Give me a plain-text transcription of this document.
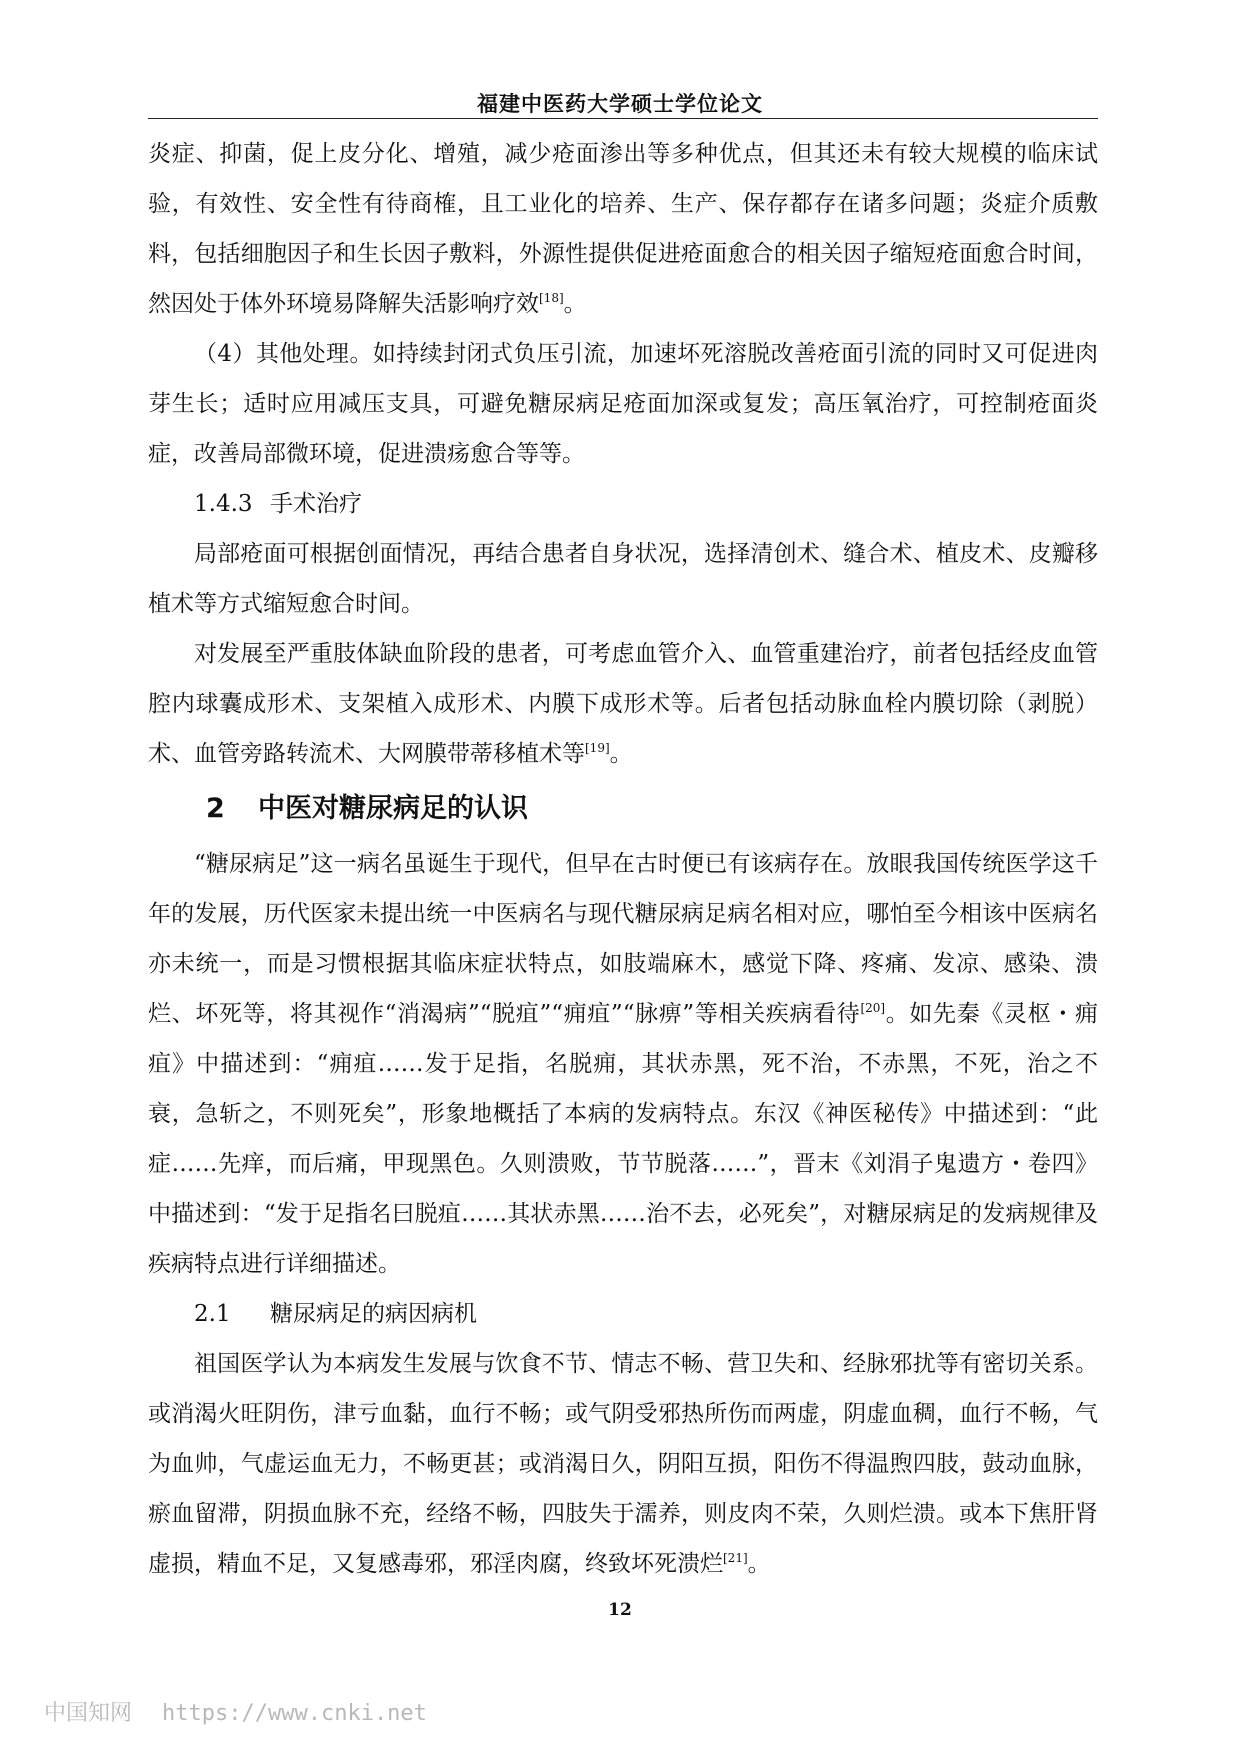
福建中医药大学硕士学位论文

炎症、抑菌，促上皮分化、增殖，减少疮面渗出等多种优点，但其还未有较大规模的临床试验，有效性、安全性有待商榷，且工业化的培养、生产、保存都存在诸多问题；炎症介质敷料，包括细胞因子和生长因子敷料，外源性提供促进疮面愈合的相关因子缩短疮面愈合时间，然因处于体外环境易降解失活影响疗效[18]。

（4）其他处理。如持续封闭式负压引流，加速坏死溶脱改善疮面引流的同时又可促进肉芽生长；适时应用减压支具，可避免糖尿病足疮面加深或复发；高压氧治疗，可控制疮面炎症，改善局部微环境，促进溃疡愈合等等。

1.4.3 手术治疗

局部疮面可根据创面情况，再结合患者自身状况，选择清创术、缝合术、植皮术、皮瓣移植术等方式缩短愈合时间。

对发展至严重肢体缺血阶段的患者，可考虑血管介入、血管重建治疗，前者包括经皮血管腔内球囊成形术、支架植入成形术、内膜下成形术等。后者包括动脉血栓内膜切除（剥脱）术、血管旁路转流术、大网膜带蒂移植术等[19]。

2 中医对糖尿病足的认识

“糖尿病足”这一病名虽诞生于现代，但早在古时便已有该病存在。放眼我国传统医学这千年的发展，历代医家未提出统一中医病名与现代糖尿病足病名相对应，哪怕至今相该中医病名亦未统一，而是习惯根据其临床症状特点，如肢端麻木，感觉下降、疼痛、发凉、感染、溃烂、坏死等，将其视作“消渴病”“脱疽”“痈疽”“脉痹”等相关疾病看待[20]。如先秦《灵枢・痈疽》中描述到：“痈疽……发于足指，名脱痈，其状赤黑，死不治，不赤黑，不死，治之不衰，急斩之，不则死矣”，形象地概括了本病的发病特点。东汉《神医秘传》中描述到：“此症……先痒，而后痛，甲现黑色。久则溃败，节节脱落……”，晋末《刘涓子鬼遗方・卷四》中描述到：“发于足指名曰脱疽……其状赤黑……治不去，必死矣”，对糖尿病足的发病规律及疾病特点进行详细描述。

2.1 糖尿病足的病因病机

祖国医学认为本病发生发展与饮食不节、情志不畅、营卫失和、经脉邪扰等有密切关系。或消渴火旺阴伤，津亏血黏，血行不畅；或气阴受邪热所伤而两虚，阴虚血稠，血行不畅，气为血帅，气虚运血无力，不畅更甚；或消渴日久，阴阳互损，阳伤不得温煦四肢，鼓动血脉，瘀血留滞，阴损血脉不充，经络不畅，四肢失于濡养，则皮肉不荣，久则烂溃。或本下焦肝肾虚损，精血不足，又复感毒邪，邪淫肉腐，终致坏死溃烂[21]。

12
中国知网 https://www.cnki.net
